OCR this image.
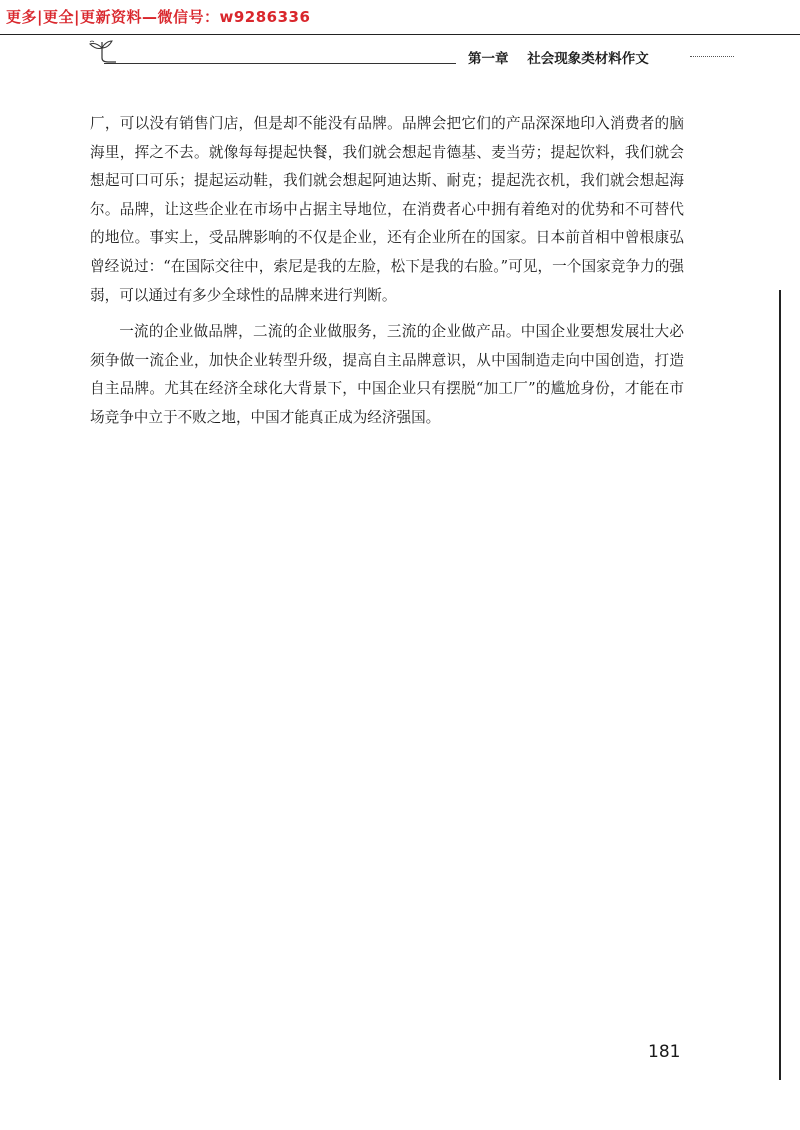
更多|更全|更新资料—微信号：w9286336
第一章 社会现象类材料作文

厂，可以没有销售门店，但是却不能没有品牌。品牌会把它们的产品深深地印入消费者的脑海里，挥之不去。就像每每提起快餐，我们就会想起肯德基、麦当劳；提起饮料，我们就会想起可口可乐；提起运动鞋，我们就会想起阿迪达斯、耐克；提起洗衣机，我们就会想起海尔。品牌，让这些企业在市场中占据主导地位，在消费者心中拥有着绝对的优势和不可替代的地位。事实上，受品牌影响的不仅是企业，还有企业所在的国家。日本前首相中曾根康弘曾经说过：“在国际交往中，索尼是我的左脸，松下是我的右脸。”可见，一个国家竞争力的强弱，可以通过有多少全球性的品牌来进行判断。

一流的企业做品牌，二流的企业做服务，三流的企业做产品。中国企业要想发展壮大必须争做一流企业，加快企业转型升级，提高自主品牌意识，从中国制造走向中国创造，打造自主品牌。尤其在经济全球化大背景下，中国企业只有摆脱“加工厂”的尴尬身份，才能在市场竞争中立于不败之地，中国才能真正成为经济强国。

181
